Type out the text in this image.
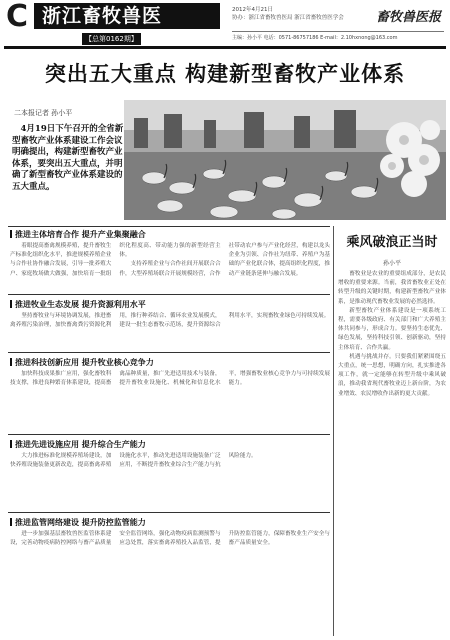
C 浙江畜牧兽医
【总第0162期】
2012年4月21日
协办：浙江省畜牧兽医局 浙江省畜牧兽医学会	畜牧兽医报
主编：孙小平 电话：0571-86757186 E-mail：2.10hxnong@163.com
突出五大重点 构建新型畜牧产业体系
二本报记者 孙小平
4月19日下午召开的全省新型畜牧产业体系建设工作会议明确提出，构建新型畜牧产业体系，要突出五大重点，并明确了新型畜牧产业体系建设的五大重点。
推进主体培育合作 提升产业集聚融合

着眼提高畜禽规模养殖，提升畜牧生产标准化组织化水平，推进规模养殖企业与合作社协作融合发展，引导一批养殖大户、家庭牧场做大做强，加快培育一批组织化程度高、带动能力强的新型经营主体。

支持养殖企业与合作社间开展联合合作，大型养殖场联合开展规模经营，合作社带动农户参与产业化经营，构建以龙头企业为引领、合作社为纽带、养殖户为基础的产业化联合体，提高组织化程度，推动产业链条延伸与融合发展。

推进牧业生态发展 提升资源利用水平

坚持畜牧业与环境协调发展，推进畜禽养殖污染治理，加快畜禽粪污资源化利用，推行种养结合、循环农业发展模式，建设一批生态畜牧示范场，提升资源综合利用水平，实现畜牧业绿色可持续发展。

推进科技创新应用 提升牧业核心竞争力

加快科技成果推广应用，强化畜牧科技支撑，推进良种繁育体系建设，提高畜禽品种质量，推广先进适用技术与装备，提升畜牧业设施化、机械化和信息化水平，增强畜牧业核心竞争力与可持续发展能力。

推进先进设施应用 提升综合生产能力

大力推进标准化规模养殖场建设，加快养殖设施装备更新改造，提高畜禽养殖设施化水平，推动先进适用设施装备广泛应用，不断提升畜牧业综合生产能力与抗风险能力。

推进监管网络建设 提升防控监管能力

进一步加强基层畜牧兽医监管体系建设，完善动物疫病防控网络与畜产品质量安全监管网络，强化动物疫病监测预警与应急处置，落实畜禽养殖投入品监管，提升防控监管能力，保障畜牧业生产安全与畜产品质量安全。

乘风破浪正当时
孙小平

畜牧业是农业的重要组成部分，是农民增收的重要来源。当前，我省畜牧业正处在转型升级的关键时期，构建新型畜牧产业体系，是推动现代畜牧业发展的必然选择。

新型畜牧产业体系建设是一项系统工程，需要各级政府、有关部门和广大养殖主体共同参与，形成合力。要坚持生态优先、绿色发展，坚持科技引领、创新驱动，坚持主体培育、合作共赢。

机遇与挑战并存。只要我们紧紧围绕五大重点，统一思想，明确方向，扎实推进各项工作，就一定能够在转型升级中乘风破浪，推动我省现代畜牧业迈上新台阶，为农业增效、农民增收作出新的更大贡献。
